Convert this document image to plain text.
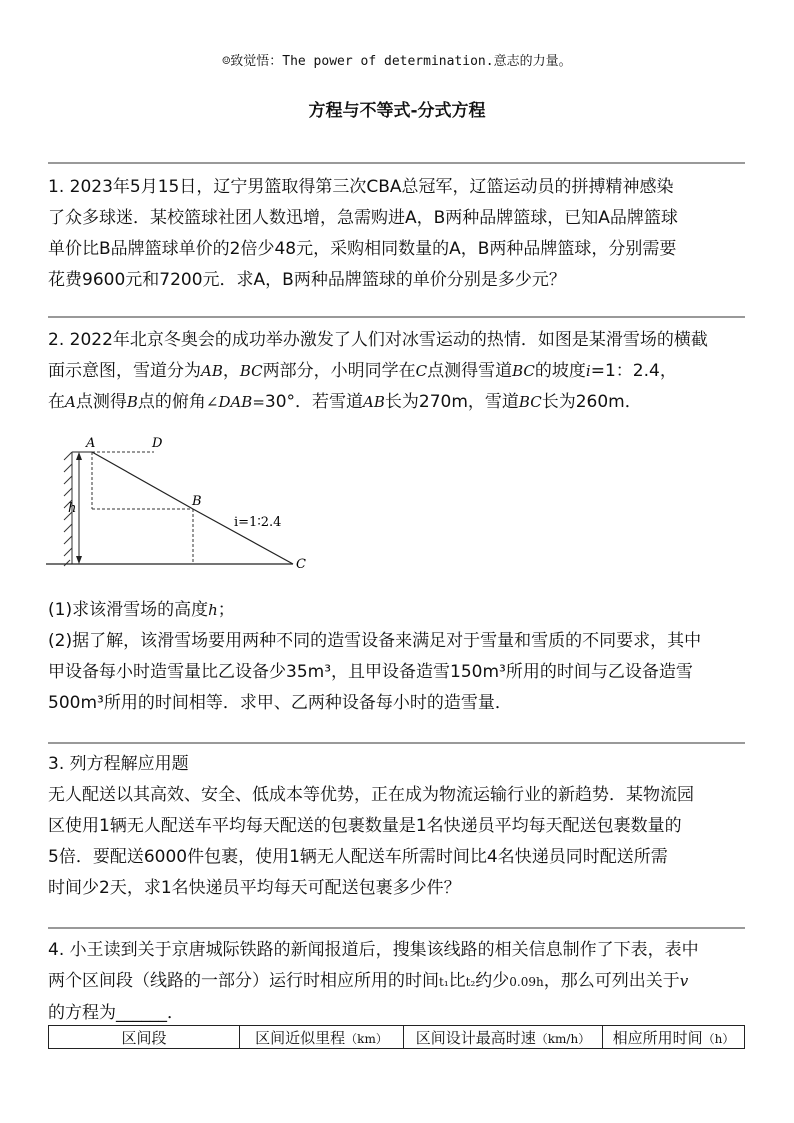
☺致觉悟：The power of determination.意志的力量。
方程与不等式-分式方程
1. 2023年5月15日，辽宁男篮取得第三次CBA总冠军，辽篮运动员的拼搏精神感染
了众多球迷．某校篮球社团人数迅增，急需购进A，B两种品牌篮球，已知A品牌篮球
单价比B品牌篮球单价的2倍少48元，采购相同数量的A，B两种品牌篮球，分别需要
花费9600元和7200元．求A，B两种品牌篮球的单价分别是多少元？
2. 2022年北京冬奥会的成功举办激发了人们对冰雪运动的热情．如图是某滑雪场的横截
面示意图，雪道分为AB，BC两部分，小明同学在C点测得雪道BC的坡度i=1：2.4，
在A点测得B点的俯角∠DAB=30°．若雪道AB长为270m，雪道BC长为260m．
A	D
B
C
h
i=1∶2.4
(1)求该滑雪场的高度h；
(2)据了解，该滑雪场要用两种不同的造雪设备来满足对于雪量和雪质的不同要求，其中
甲设备每小时造雪量比乙设备少35m³，且甲设备造雪150m³所用的时间与乙设备造雪
500m³所用的时间相等．求甲、乙两种设备每小时的造雪量．
3. 列方程解应用题
无人配送以其高效、安全、低成本等优势，正在成为物流运输行业的新趋势．某物流园
区使用1辆无人配送车平均每天配送的包裹数量是1名快递员平均每天配送包裹数量的
5倍．要配送6000件包裹，使用1辆无人配送车所需时间比4名快递员同时配送所需
时间少2天，求1名快递员平均每天可配送包裹多少件？
4. 小王读到关于京唐城际铁路的新闻报道后，搜集该线路的相关信息制作了下表，表中
两个区间段（线路的一部分）运行时相应所用的时间t₁比t₂约少0.09h，那么可列出关于v
的方程为______．
区间段	区间近似里程（km）	区间设计最高时速（km/h）	相应所用时间（h）
